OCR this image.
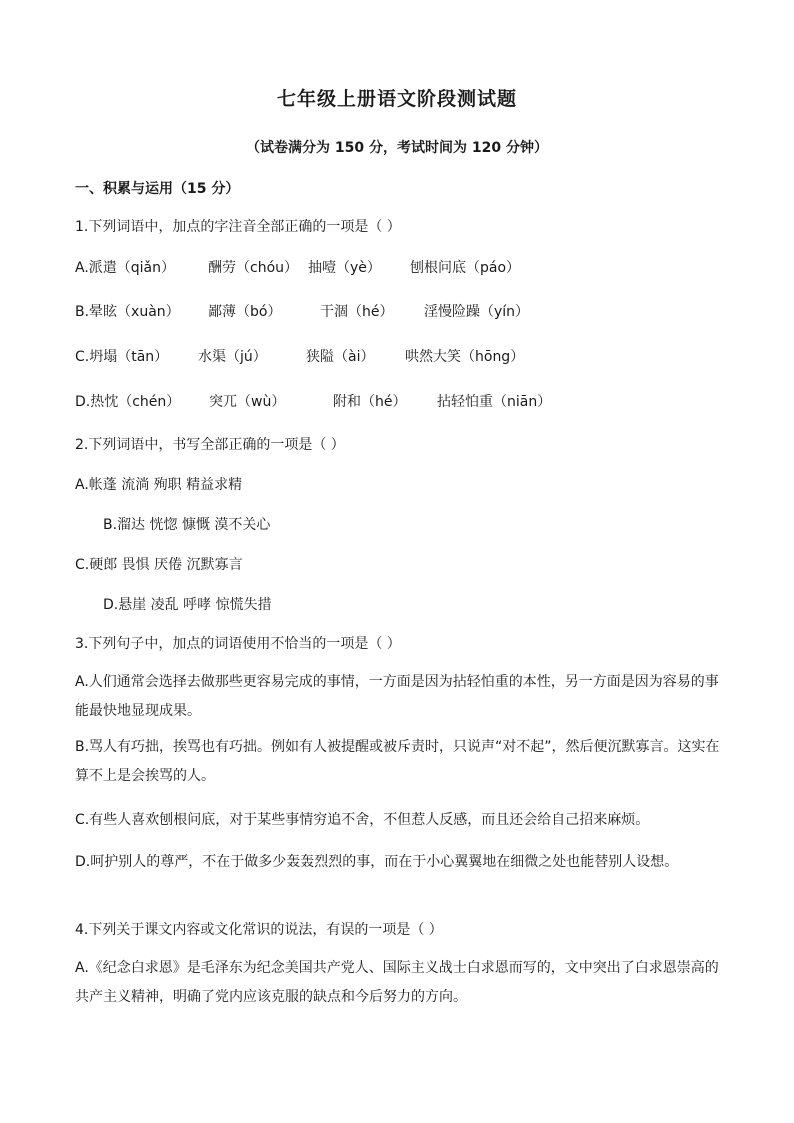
七年级上册语文阶段测试题
（试卷满分为 150 分，考试时间为 120 分钟）
一、积累与运用（15 分）
1.下列词语中，加点的字注音全部正确的一项是（ ）
A.派遣（qiǎn）	酬劳（chóu） 抽噎（yè）	刨根问底（páo）
B.晕眩（xuàn）	鄙薄（bó）	干涸（hé）	淫慢险躁（yín）
C.坍塌（tān）	水渠（jú）	狭隘（ài）	哄然大笑（hōng）
D.热忱（chén）	突兀（wù）	附和（hé）	拈轻怕重（niān）
2.下列词语中，书写全部正确的一项是（ ）
A.帐蓬 流淌 殉职 精益求精
B.溜达 恍惚 慷慨 漠不关心
C.硬郎 畏惧 厌倦 沉默寡言
D.悬崖 凌乱 呼哮 惊慌失措
3.下列句子中，加点的词语使用不恰当的一项是（ ）
A.人们通常会选择去做那些更容易完成的事情，一方面是因为拈轻怕重的本性，另一方面是因为容易的事能最快地显现成果。
B.骂人有巧拙，挨骂也有巧拙。例如有人被提醒或被斥责时，只说声“对不起”，然后便沉默寡言。这实在算不上是会挨骂的人。
C.有些人喜欢刨根问底，对于某些事情穷追不舍，不但惹人反感，而且还会给自己招来麻烦。
D.呵护别人的尊严，不在于做多少轰轰烈烈的事，而在于小心翼翼地在细微之处也能替别人设想。
4.下列关于课文内容或文化常识的说法，有误的一项是（ ）
A.《纪念白求恩》是毛泽东为纪念美国共产党人、国际主义战士白求恩而写的，文中突出了白求恩崇高的共产主义精神，明确了党内应该克服的缺点和今后努力的方向。
